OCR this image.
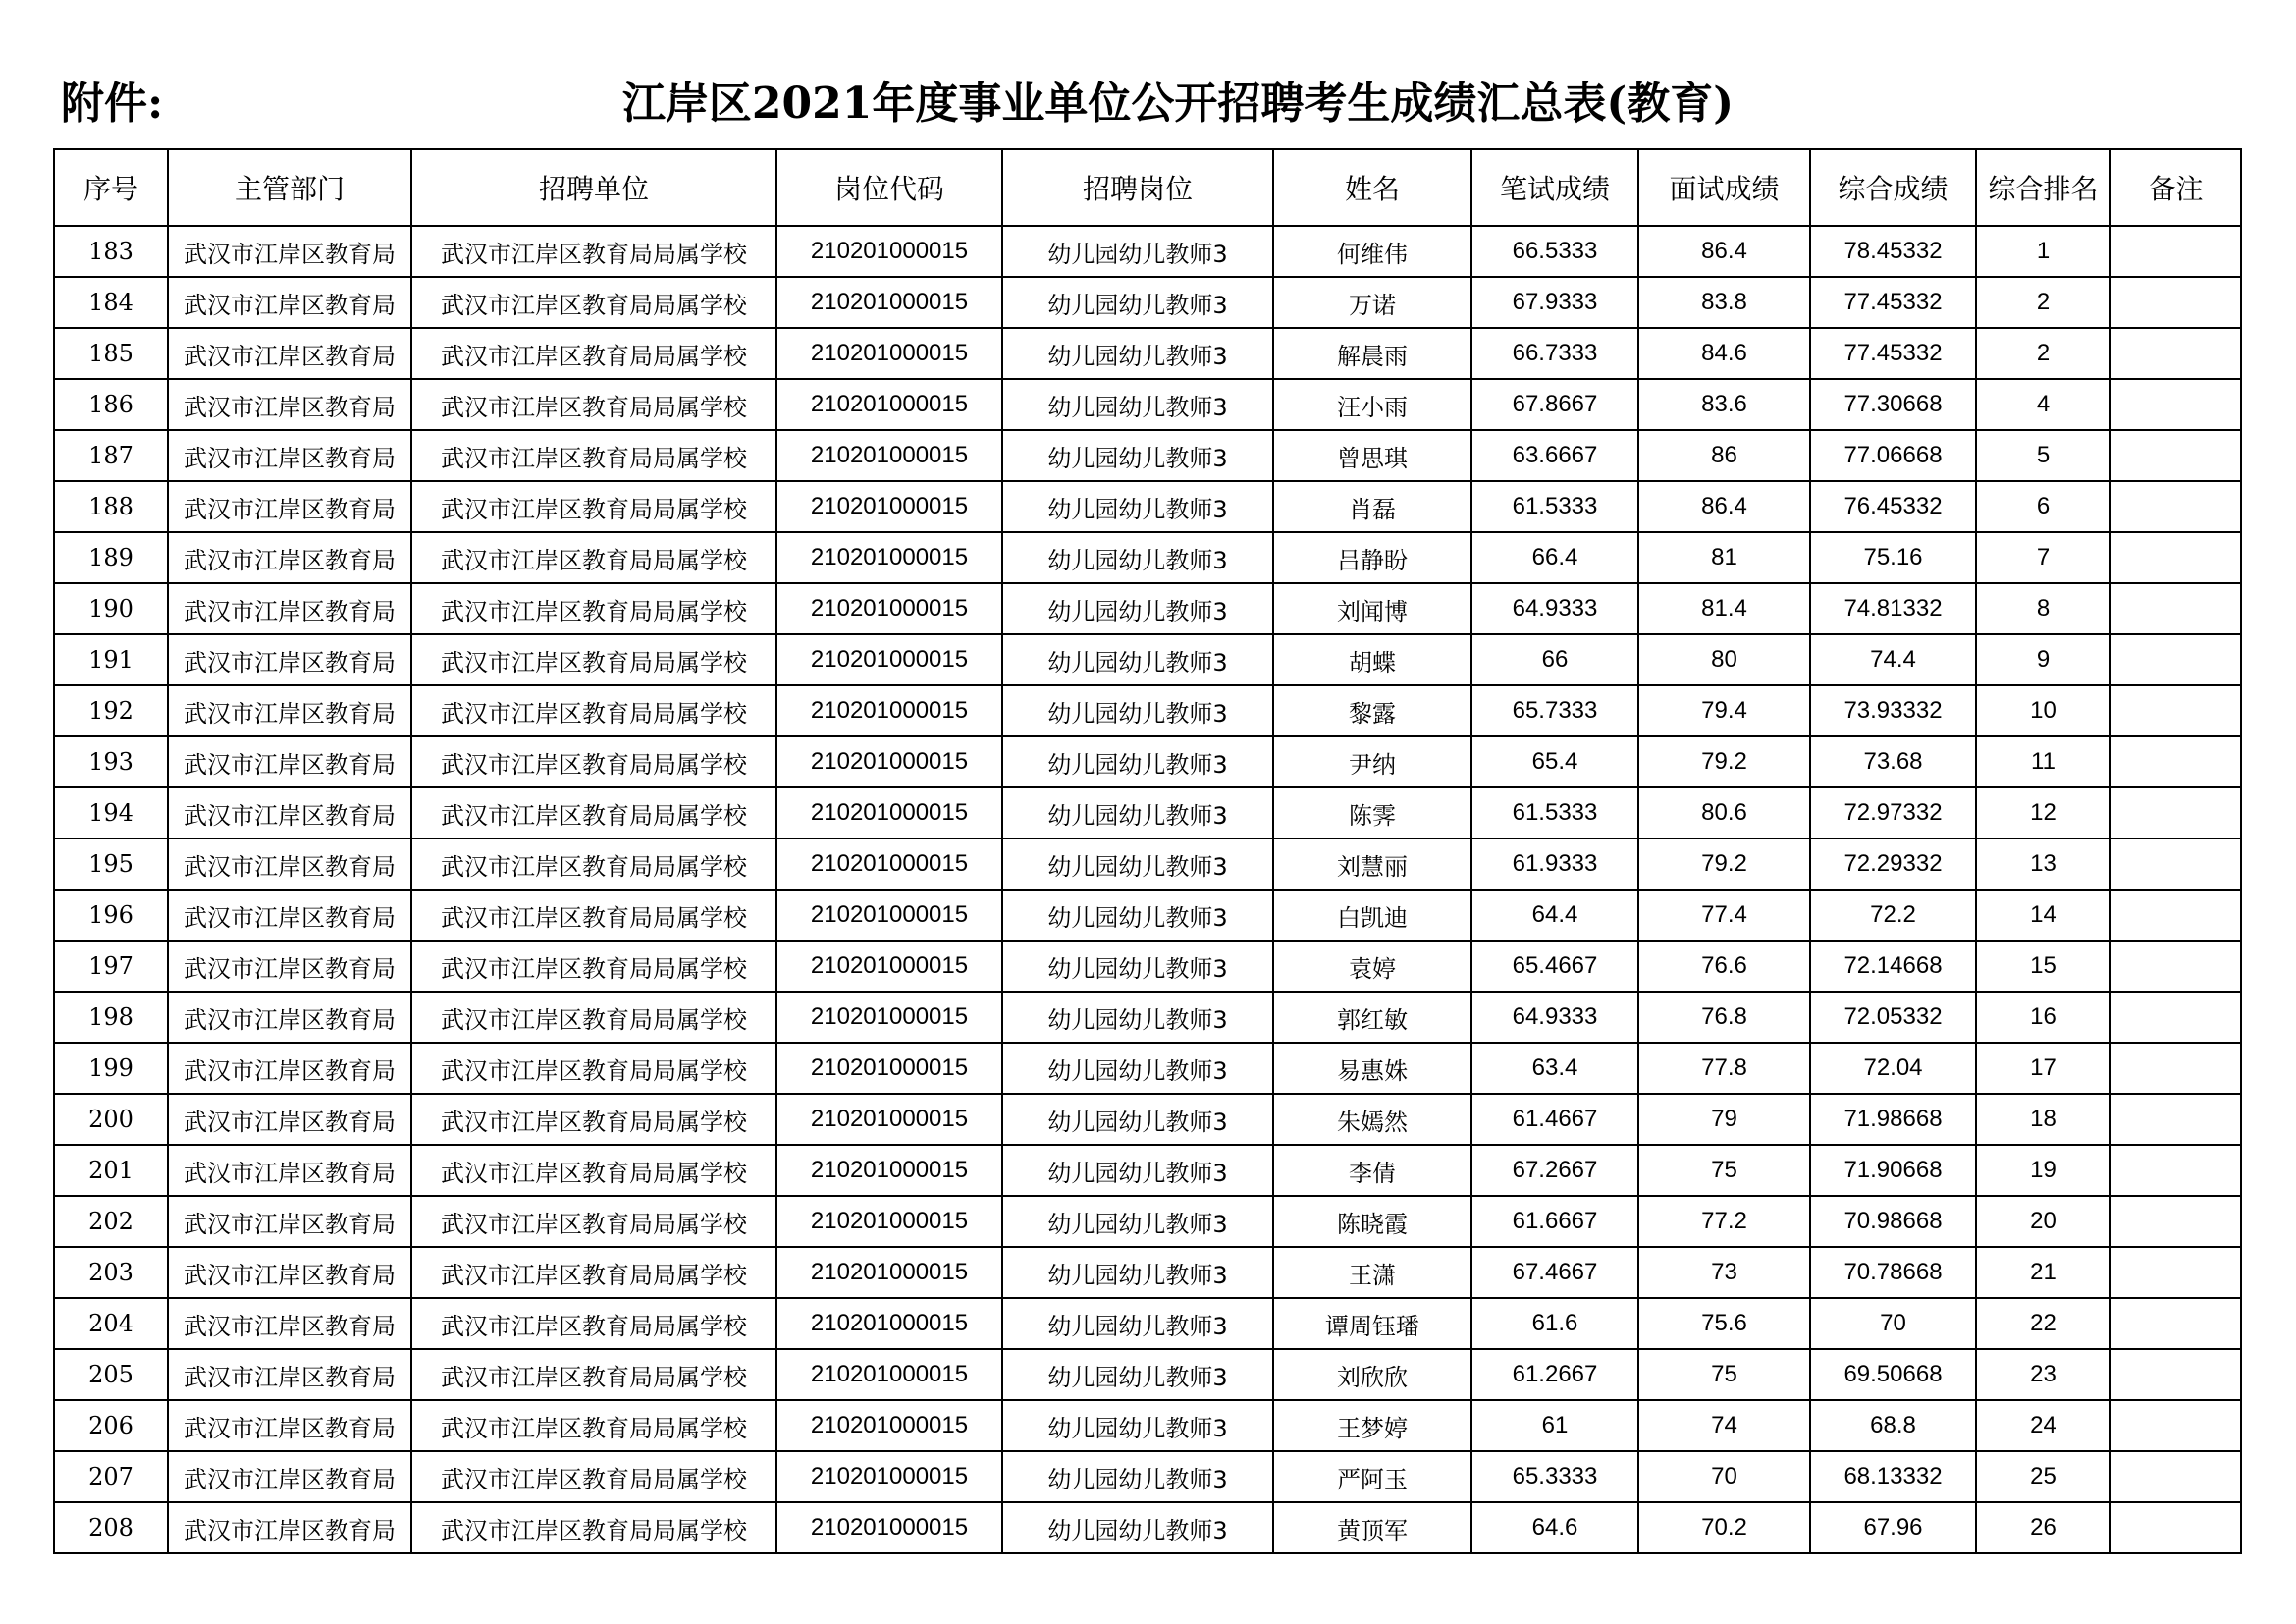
附件:	江岸区2021年度事业单位公开招聘考生成绩汇总表(教育)
序号	主管部门	招聘单位	岗位代码	招聘岗位	姓名	笔试成绩	面试成绩	综合成绩	综合排名	备注
183	武汉市江岸区教育局	武汉市江岸区教育局局属学校	210201000015	幼儿园幼儿教师3	何维伟	66.5333	86.4	78.45332	1	
184	武汉市江岸区教育局	武汉市江岸区教育局局属学校	210201000015	幼儿园幼儿教师3	万诺	67.9333	83.8	77.45332	2	
185	武汉市江岸区教育局	武汉市江岸区教育局局属学校	210201000015	幼儿园幼儿教师3	解晨雨	66.7333	84.6	77.45332	2	
186	武汉市江岸区教育局	武汉市江岸区教育局局属学校	210201000015	幼儿园幼儿教师3	汪小雨	67.8667	83.6	77.30668	4	
187	武汉市江岸区教育局	武汉市江岸区教育局局属学校	210201000015	幼儿园幼儿教师3	曾思琪	63.6667	86	77.06668	5	
188	武汉市江岸区教育局	武汉市江岸区教育局局属学校	210201000015	幼儿园幼儿教师3	肖磊	61.5333	86.4	76.45332	6	
189	武汉市江岸区教育局	武汉市江岸区教育局局属学校	210201000015	幼儿园幼儿教师3	吕静盼	66.4	81	75.16	7	
190	武汉市江岸区教育局	武汉市江岸区教育局局属学校	210201000015	幼儿园幼儿教师3	刘闻博	64.9333	81.4	74.81332	8	
191	武汉市江岸区教育局	武汉市江岸区教育局局属学校	210201000015	幼儿园幼儿教师3	胡蝶	66	80	74.4	9	
192	武汉市江岸区教育局	武汉市江岸区教育局局属学校	210201000015	幼儿园幼儿教师3	黎露	65.7333	79.4	73.93332	10	
193	武汉市江岸区教育局	武汉市江岸区教育局局属学校	210201000015	幼儿园幼儿教师3	尹纳	65.4	79.2	73.68	11	
194	武汉市江岸区教育局	武汉市江岸区教育局局属学校	210201000015	幼儿园幼儿教师3	陈霁	61.5333	80.6	72.97332	12	
195	武汉市江岸区教育局	武汉市江岸区教育局局属学校	210201000015	幼儿园幼儿教师3	刘慧丽	61.9333	79.2	72.29332	13	
196	武汉市江岸区教育局	武汉市江岸区教育局局属学校	210201000015	幼儿园幼儿教师3	白凯迪	64.4	77.4	72.2	14	
197	武汉市江岸区教育局	武汉市江岸区教育局局属学校	210201000015	幼儿园幼儿教师3	袁婷	65.4667	76.6	72.14668	15	
198	武汉市江岸区教育局	武汉市江岸区教育局局属学校	210201000015	幼儿园幼儿教师3	郭红敏	64.9333	76.8	72.05332	16	
199	武汉市江岸区教育局	武汉市江岸区教育局局属学校	210201000015	幼儿园幼儿教师3	易惠姝	63.4	77.8	72.04	17	
200	武汉市江岸区教育局	武汉市江岸区教育局局属学校	210201000015	幼儿园幼儿教师3	朱嫣然	61.4667	79	71.98668	18	
201	武汉市江岸区教育局	武汉市江岸区教育局局属学校	210201000015	幼儿园幼儿教师3	李倩	67.2667	75	71.90668	19	
202	武汉市江岸区教育局	武汉市江岸区教育局局属学校	210201000015	幼儿园幼儿教师3	陈晓霞	61.6667	77.2	70.98668	20	
203	武汉市江岸区教育局	武汉市江岸区教育局局属学校	210201000015	幼儿园幼儿教师3	王潇	67.4667	73	70.78668	21	
204	武汉市江岸区教育局	武汉市江岸区教育局局属学校	210201000015	幼儿园幼儿教师3	谭周钰璠	61.6	75.6	70	22	
205	武汉市江岸区教育局	武汉市江岸区教育局局属学校	210201000015	幼儿园幼儿教师3	刘欣欣	61.2667	75	69.50668	23	
206	武汉市江岸区教育局	武汉市江岸区教育局局属学校	210201000015	幼儿园幼儿教师3	王梦婷	61	74	68.8	24	
207	武汉市江岸区教育局	武汉市江岸区教育局局属学校	210201000015	幼儿园幼儿教师3	严阿玉	65.3333	70	68.13332	25	
208	武汉市江岸区教育局	武汉市江岸区教育局局属学校	210201000015	幼儿园幼儿教师3	黄顶军	64.6	70.2	67.96	26	
